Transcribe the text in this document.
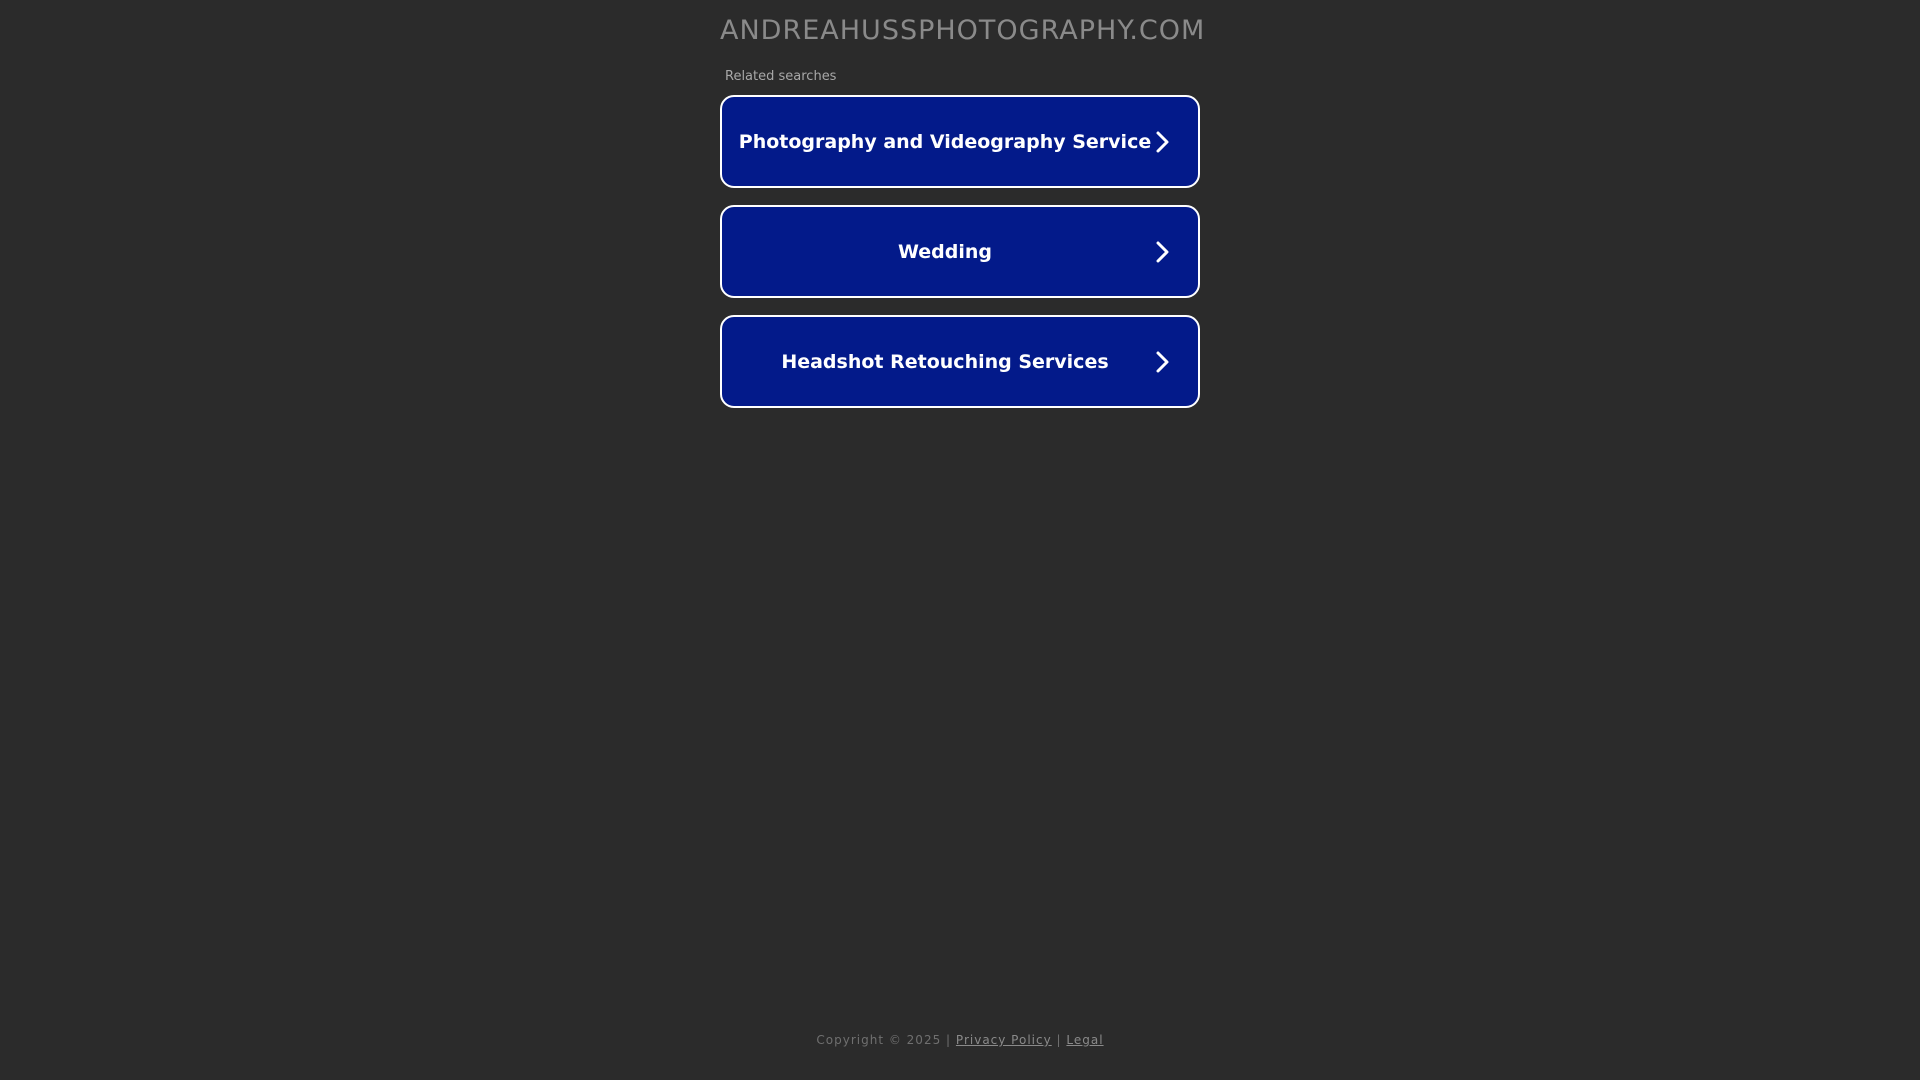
ANDREAHUSSPHOTOGRAPHY.COM
Related searches
Photography and Videography Service
Wedding
Headshot Retouching Services
Copyright © 2025 | Privacy Policy | Legal
